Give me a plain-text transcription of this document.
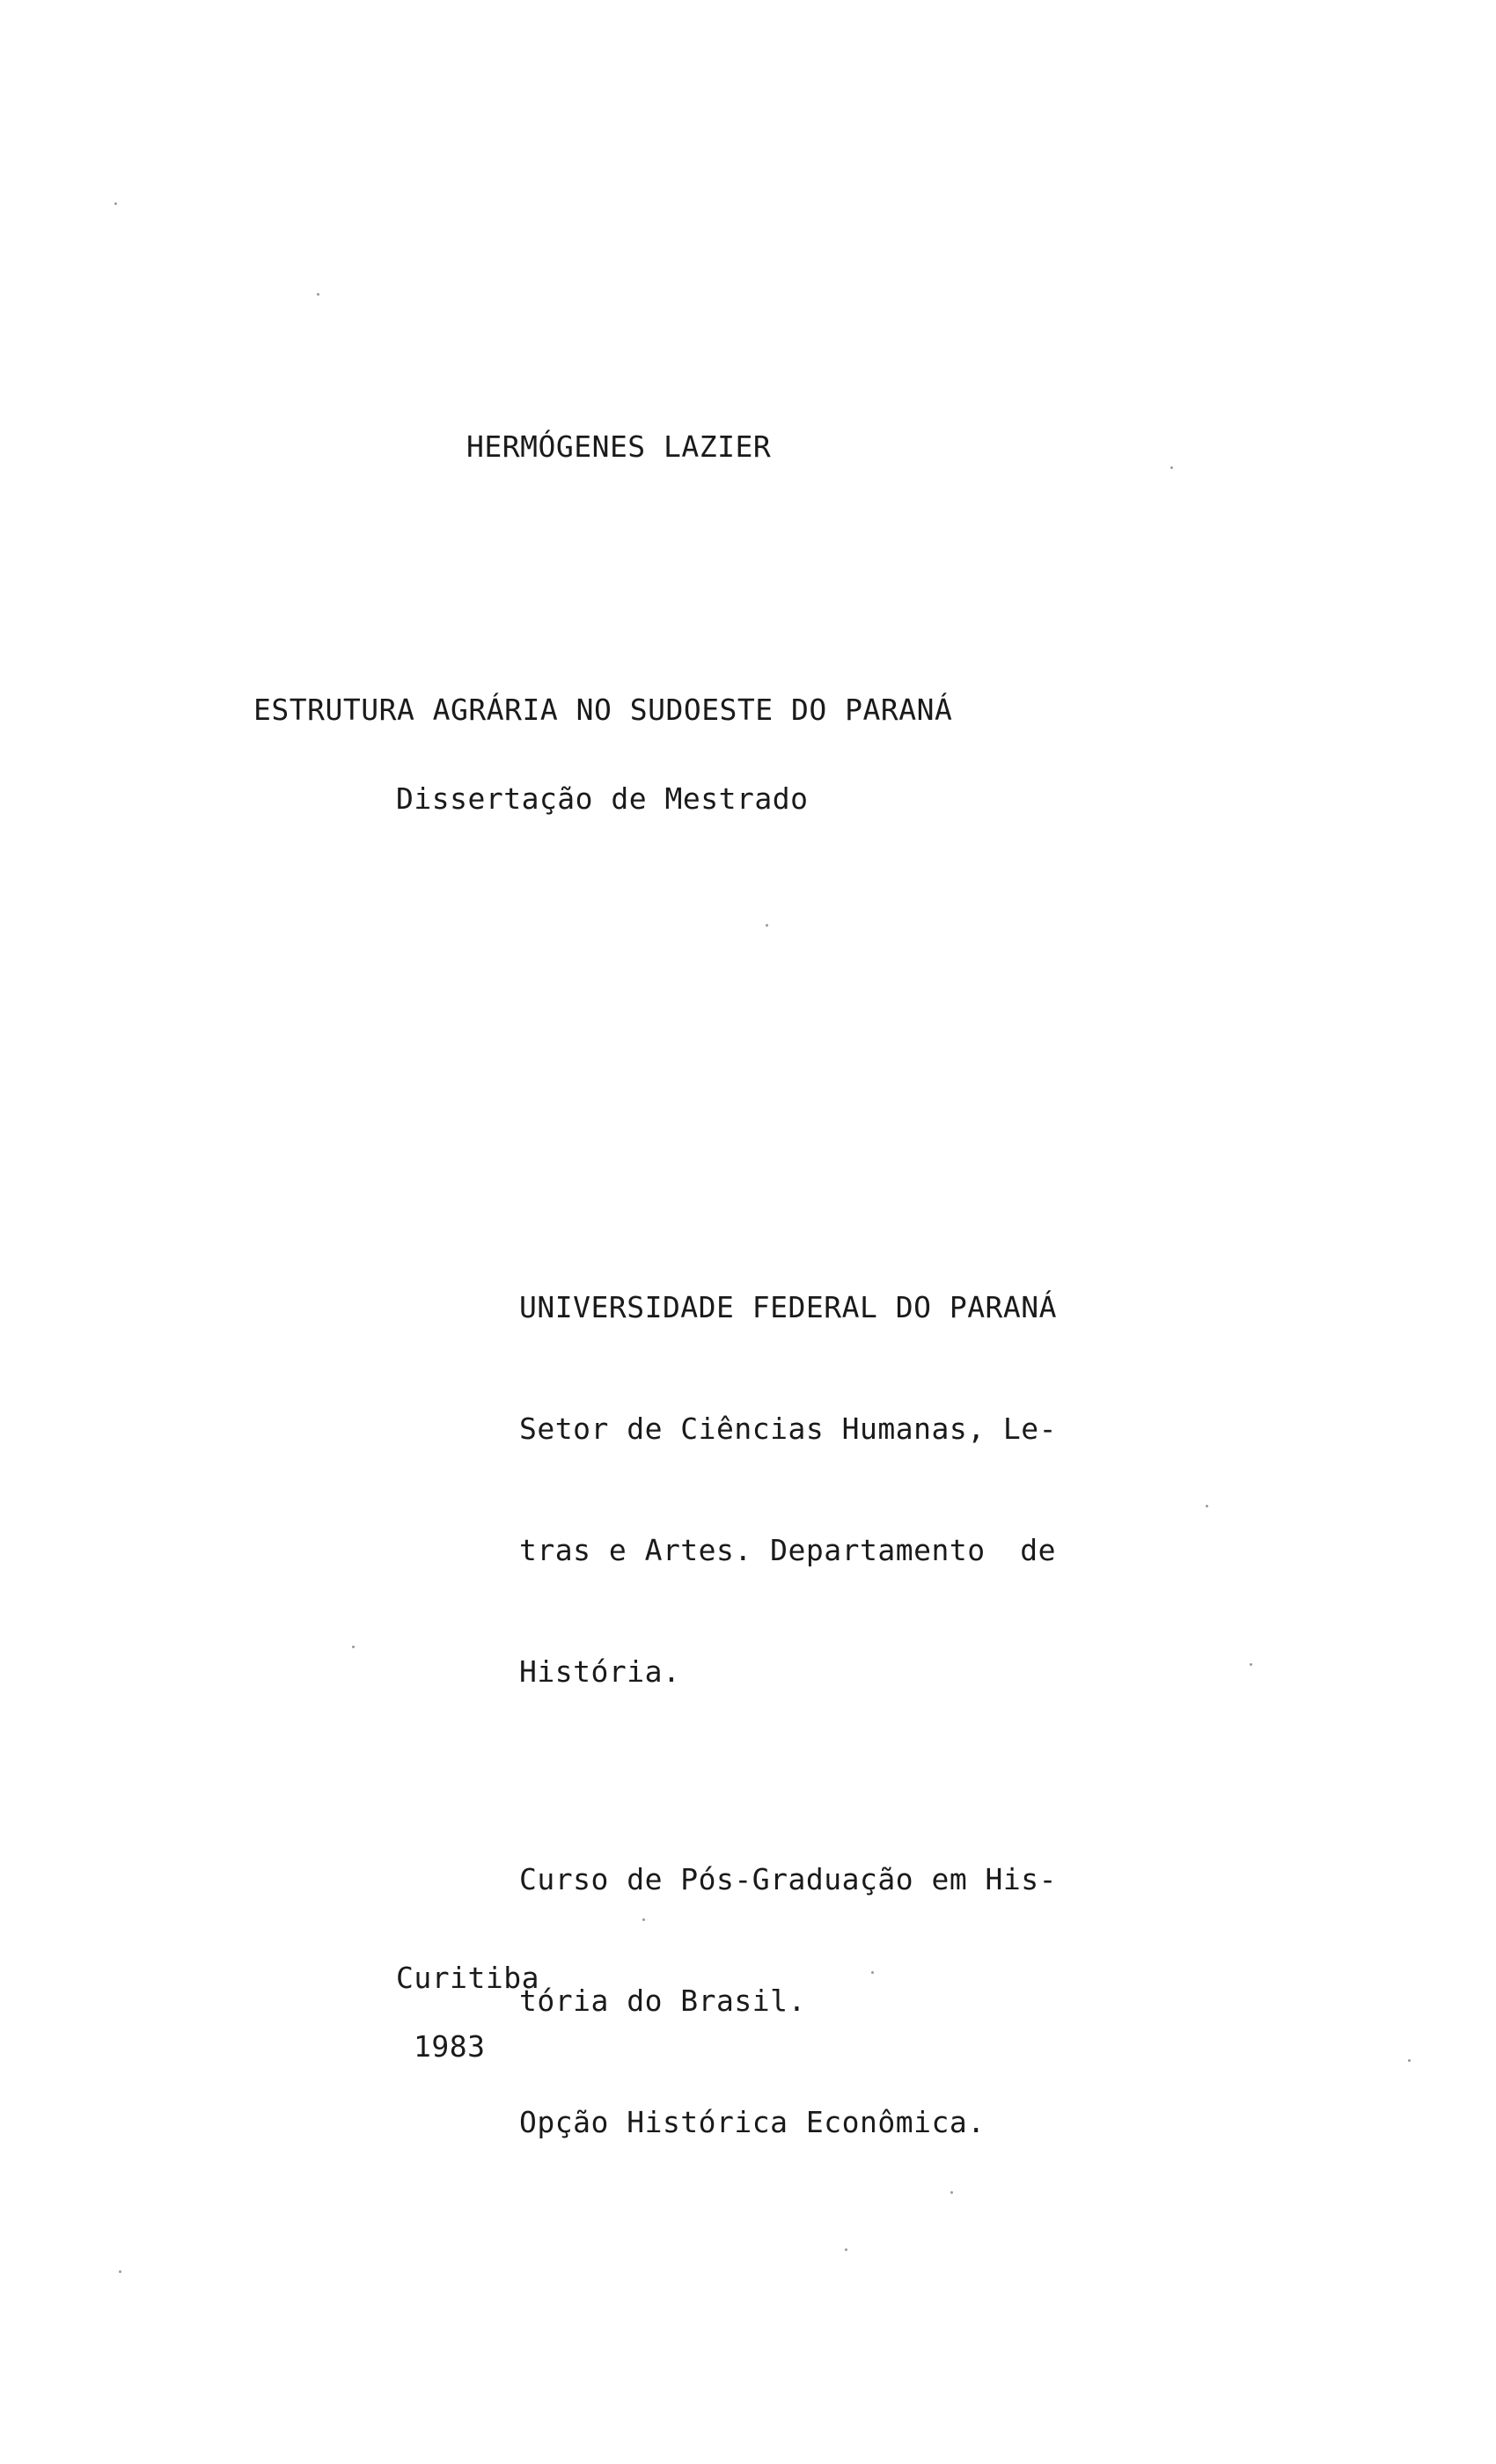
HERMÓGENES LAZIER
ESTRUTURA AGRÁRIA NO SUDOESTE DO PARANÁ
Dissertação de Mestrado

UNIVERSIDADE FEDERAL DO PARANÁ

Setor de Ciências Humanas, Le-

tras e Artes. Departamento de

História.

Curso de Pós-Graduação em His-

tória do Brasil.

Opção Histórica Econômica.

Curitiba
1983
